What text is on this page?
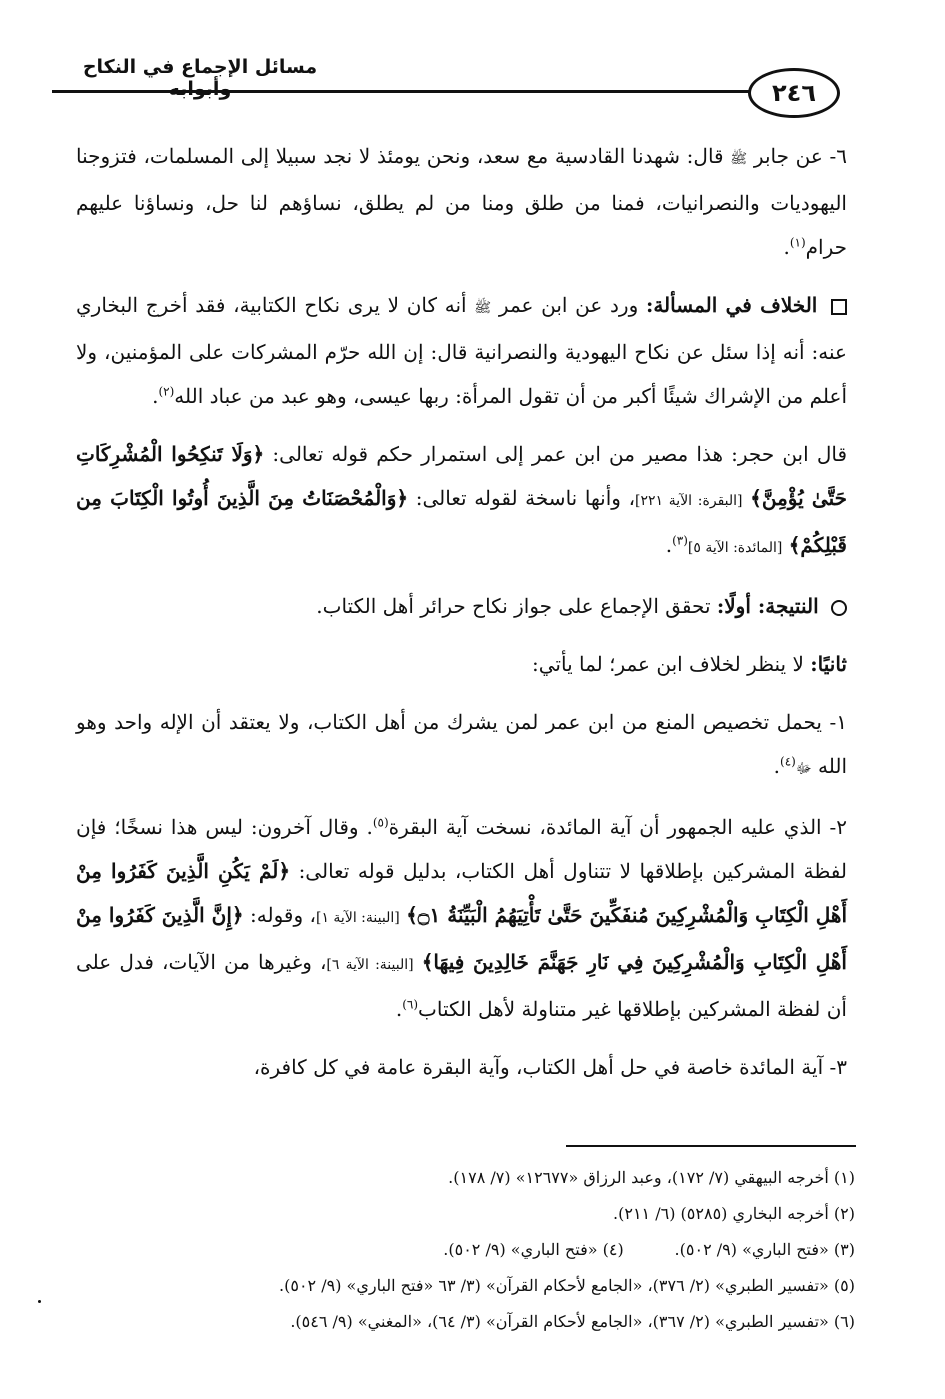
مسائل الإجماع في النكاح وأبوابه	٢٤٦

٦- عن جابر ﷺ قال: شهدنا القادسية مع سعد، ونحن يومئذ لا نجد سبيلا إلى المسلمات، فتزوجنا اليهوديات والنصرانيات، فمنا من طلق ومنا من لم يطلق، نساؤهم لنا حل، ونساؤنا عليهم حرام$^{(١)}$.

الخلاف في المسألة: ورد عن ابن عمر ﷺ أنه كان لا يرى نكاح الكتابية، فقد أخرج البخاري عنه: أنه إذا سئل عن نكاح اليهودية والنصرانية قال: إن الله حرّم المشركات على المؤمنين، ولا أعلم من الإشراك شيئًا أكبر من أن تقول المرأة: ربها عيسى، وهو عبد من عباد الله$^{(٢)}$.

قال ابن حجر: هذا مصير من ابن عمر إلى استمرار حكم قوله تعالى: ﴿وَلَا تَنكِحُوا الْمُشْرِكَاتِ حَتَّىٰ يُؤْمِنَّ﴾ [البقرة: الآية ٢٢١]، وأنها ناسخة لقوله تعالى: ﴿وَالْمُحْصَنَاتُ مِنَ الَّذِينَ أُوتُوا الْكِتَابَ مِن قَبْلِكُمْ﴾ [المائدة: الآية ٥]$^{(٣)}$.

النتيجة: أولًا: تحقق الإجماع على جواز نكاح حرائر أهل الكتاب.

ثانيًا: لا ينظر لخلاف ابن عمر؛ لما يأتي:

١- يحمل تخصيص المنع من ابن عمر لمن يشرك من أهل الكتاب، ولا يعتقد أن الإله واحد وهو الله ﷻ$^{(٤)}$.

٢- الذي عليه الجمهور أن آية المائدة، نسخت آية البقرة$^{(٥)}$. وقال آخرون: ليس هذا نسخًا؛ فإن لفظة المشركين بإطلاقها لا تتناول أهل الكتاب، بدليل قوله تعالى: ﴿لَمْ يَكُنِ الَّذِينَ كَفَرُوا مِنْ أَهْلِ الْكِتَابِ وَالْمُشْرِكِينَ مُنفَكِّينَ حَتَّىٰ تَأْتِيَهُمُ الْبَيِّنَةُ ۝١﴾ [البينة: الآية ١]، وقوله: ﴿إِنَّ الَّذِينَ كَفَرُوا مِنْ أَهْلِ الْكِتَابِ وَالْمُشْرِكِينَ فِي نَارِ جَهَنَّمَ خَالِدِينَ فِيهَا﴾ [البينة: الآية ٦]، وغيرها من الآيات، فدل على أن لفظة المشركين بإطلاقها غير متناولة لأهل الكتاب$^{(٦)}$.

٣- آية المائدة خاصة في حل أهل الكتاب، وآية البقرة عامة في كل كافرة،

(١) أخرجه البيهقي (٧/ ١٧٢)، وعبد الرزاق «١٢٦٧٧» (٧/ ١٧٨).
(٢) أخرجه البخاري (٥٢٨٥) (٦/ ٢١١).
(٣) «فتح الباري» (٩/ ٥٠٢).          (٤) «فتح الباري» (٩/ ٥٠٢).
(٥) «تفسير الطبري» (٢/ ٣٧٦)، «الجامع لأحكام القرآن» (٣/ ٦٣ «فتح الباري» (٩/ ٥٠٢).
(٦) «تفسير الطبري» (٢/ ٣٦٧)، «الجامع لأحكام القرآن» (٣/ ٦٤)، «المغني» (٩/ ٥٤٦).
